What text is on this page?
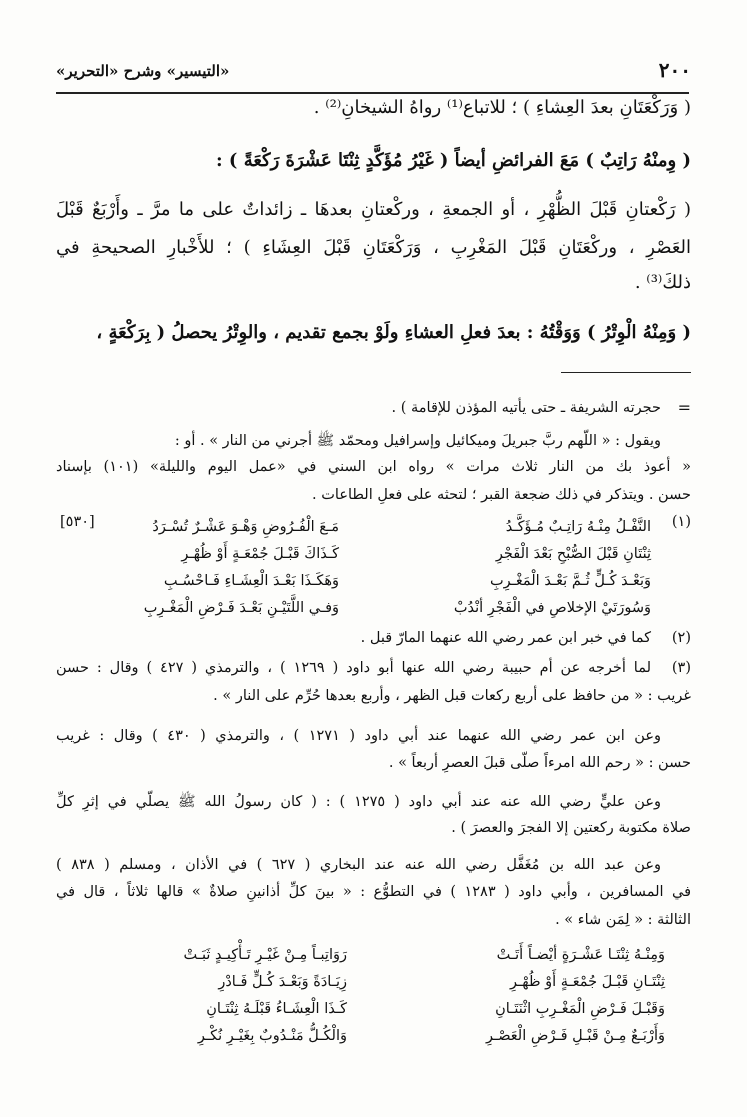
٢٠٠
«التيسير» وشرح «التحرير»
( وَرَكْعَتَانِ بعدَ العِشاءِ ) ؛ للاتباع⁽¹⁾ رواهُ الشيخانِ⁽²⁾ .
( وِمنْهُ رَاتِبٌ ) مَعَ الفرائضِ أيضاً ( غَيْرُ مُؤَكَّدٍ ثِنْتَا عَشْرَةَ رَكْعَةً ) :
( رَكْعتانِ قَبْلَ الظُّهْرِ ، أو الجمعةِ ، وركْعتانِ بعدهَا ـ زائداتٌ على ما مرَّ ـ وأَرْبَعٌ قَبْلَ
العَصْرِ ، وركْعَتَانِ قَبْلَ المَغْرِبِ ، وَرَكْعَتَانِ قَبْلَ العِشَاءِ ) ؛ للأَخْبارِ الصحيحةِ في
ذلكَ⁽³⁾ .
( وَمِنْهُ الْوِتْرُ ) وَوَقْتُهُ : بعدَ فعلِ العشاءِ ولَوْ بجمع تقديم ، والوِتْرُ يحصلُ ( بِرَكْعَةٍ ،
=
حجرته الشريفة ـ حتى يأتيه المؤذن للإقامة ) .
ويقول : « اللّهم ربَّ جبريلَ وميكائيل وإسرافيل ومحمّد ﷺ أجرني من النار » . أو :
« أعوذ بك من النار ثلاث مرات » رواه ابن السني في «عمل اليوم والليلة» (١٠١) بإسناد
حسن . ويتذكر في ذلك ضجعة القبر ؛ لتحثه على فعلِ الطاعات .
(١)
[٥٣٠]	النَّفْـلُ مِنْـهُ رَاتِـبٌ مُـؤَكَّـدُ
ثِنْتَانِ قَبْلَ الصُّبْحِ بَعْدَ الْفَجْرِ
وَبَعْـدَ كُـلٍّ ثُـمَّ بَعْـدَ الْمَغْـرِبِ
وَسُورَتَيْ الإخلاصِ في الْفَجْرِ أنْدُبْ
مَـعَ الْفُـرُوضِ وَهْـوَ عَشْـرٌ تُسْـرَدُ
كَـذَاكَ قَبْـلَ جُمْعَـةٍ أَوْ ظُهْـرِ
وَهَكَـذَا بَعْـدَ الْعِشَـاءِ فَـاحْسُـبِ
وَفـي اللَّتَيْـنِ بَعْـدَ فَـرْضِ الْمَغْـرِبِ
(٢)
كما في خبر ابن عمر رضي الله عنهما المارّ قبل .
(٣)
لما أخرجه عن أم حبيبة رضي الله عنها أبو داود ( ١٢٦٩ ) ، والترمذي ( ٤٢٧ ) وقال : حسن
غريب : « من حافظ على أربع ركعات قبل الظهر ، وأربع بعدها حُرِّم على النار » .
وعن ابن عمر رضي الله عنهما عند أبي داود ( ١٢٧١ ) ، والترمذي ( ٤٣٠ ) وقال : غريب
حسن : « رحم الله امرءاً صلّى قبلَ العصرِ أربعاً » .
وعن عليٍّ رضي الله عنه عند أبي داود ( ١٢٧٥ ) : ( كان رسولُ الله ﷺ يصلّي في إثرِ كلِّ
صلاة مكتوبة ركعتين إلا الفجرَ والعصرَ ) .
وعن عبد الله بن مُغَفَّل رضي الله عنه عند البخاري ( ٦٢٧ ) في الأذان ، ومسلم ( ٨٣٨ )
في المسافرين ، وأبي داود ( ١٢٨٣ ) في التطوُّع : « بينَ كلِّ أذانينِ صلاةٌ » قالها ثلاثاً ، قال في
الثالثة : « لِمَن شاء » .
وَمِنْـهُ ثِنْتَـا عَشْـرَةٍ أيْضـاً أَتَـتْ
ثِنْتَـانِ قَبْـلَ جُمْعَـةٍ أَوْ ظُهْـرِ
وَقَبْـلَ فَـرْضِ الْمَغْـرِبِ اثْنَتَـانِ
وَأَرْبَـعٌ مِـنْ قَبْـلِ فَـرْضِ الْعَصْـرِ
رَوَاتِبـاً مِـنْ غَيْـرِ تَـأْكِيـدٍ ثَبَـتْ
زِيَـادَةً وَبَعْـدَ كُـلٍّ فَـادْرِ
كَـذَا الْعِشَـاءُ قَبْلَـهُ ثِنْتَـانِ
وَالْكُـلُّ مَنْـدُوبٌ بِغَيْـرِ نُكْـرِ
